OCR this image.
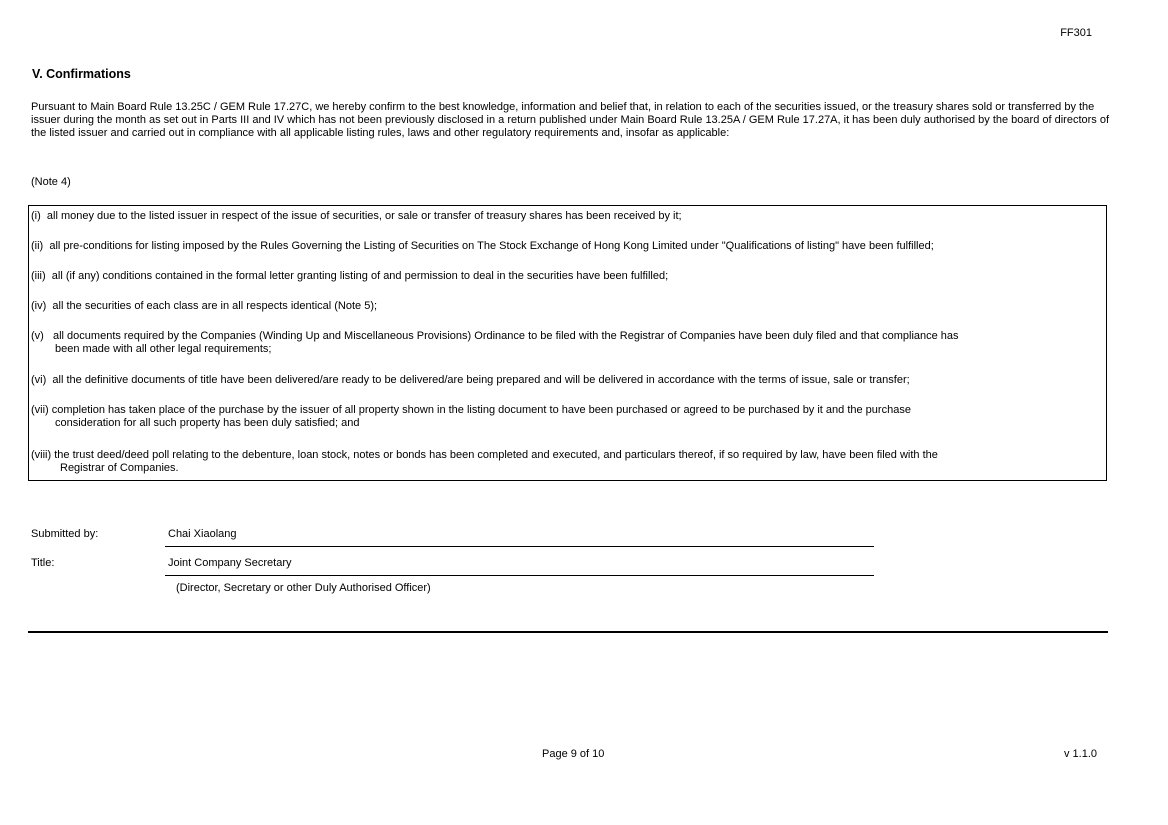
FF301
V. Confirmations
Pursuant to Main Board Rule 13.25C / GEM Rule 17.27C, we hereby confirm to the best knowledge, information and belief that, in relation to each of the securities issued, or the treasury shares sold or transferred by the issuer during the month as set out in Parts III and IV which has not been previously disclosed in a return published under Main Board Rule 13.25A / GEM Rule 17.27A, it has been duly authorised by the board of directors of the listed issuer and carried out in compliance with all applicable listing rules, laws and other regulatory requirements and, insofar as applicable:
(Note 4)
(i) all money due to the listed issuer in respect of the issue of securities, or sale or transfer of treasury shares has been received by it;
(ii) all pre-conditions for listing imposed by the Rules Governing the Listing of Securities on The Stock Exchange of Hong Kong Limited under "Qualifications of listing" have been fulfilled;
(iii) all (if any) conditions contained in the formal letter granting listing of and permission to deal in the securities have been fulfilled;
(iv) all the securities of each class are in all respects identical (Note 5);
(v) all documents required by the Companies (Winding Up and Miscellaneous Provisions) Ordinance to be filed with the Registrar of Companies have been duly filed and that compliance has
been made with all other legal requirements;
(vi) all the definitive documents of title have been delivered/are ready to be delivered/are being prepared and will be delivered in accordance with the terms of issue, sale or transfer;
(vii) completion has taken place of the purchase by the issuer of all property shown in the listing document to have been purchased or agreed to be purchased by it and the purchase
consideration for all such property has been duly satisfied; and
(viii) the trust deed/deed poll relating to the debenture, loan stock, notes or bonds has been completed and executed, and particulars thereof, if so required by law, have been filed with the
Registrar of Companies.
Submitted by:	Chai Xiaolang
Title:	Joint Company Secretary
(Director, Secretary or other Duly Authorised Officer)
Page 9 of 10	v 1.1.0
